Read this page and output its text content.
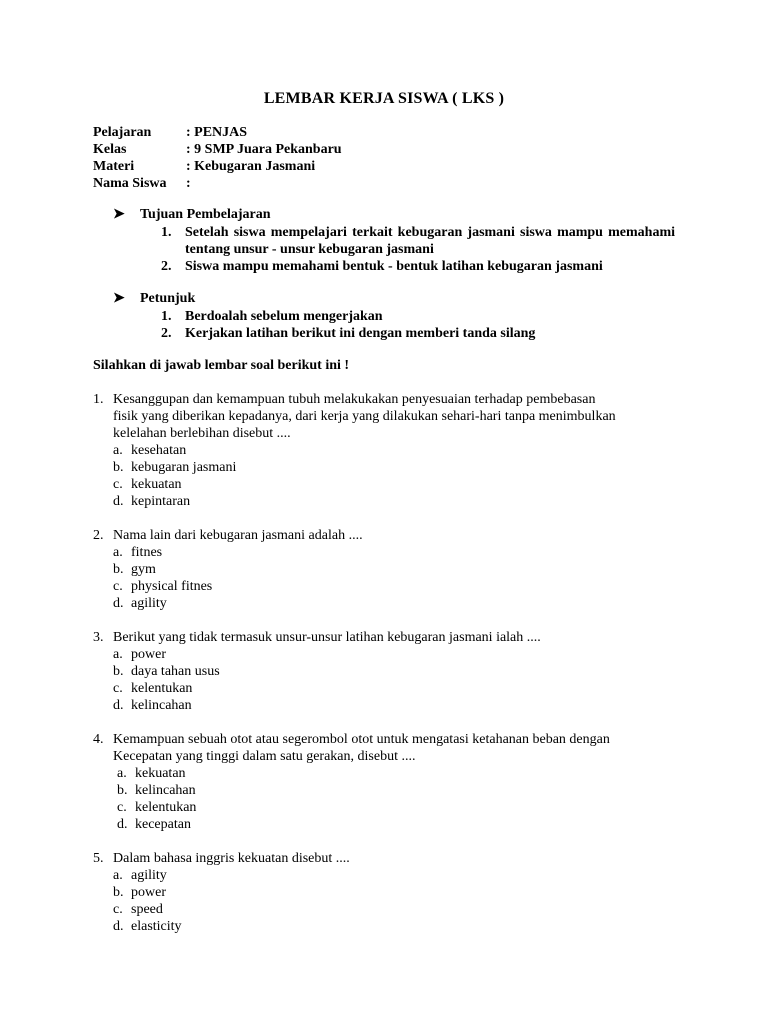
LEMBAR KERJA SISWA ( LKS )
Pelajaran : PENJAS
Kelas	: 9 SMP Juara Pekanbaru
Materi	: Kebugaran Jasmani
Nama Siswa :
➤ Tujuan Pembelajaran
1. Setelah siswa mempelajari terkait kebugaran jasmani siswa mampu memahami tentang unsur - unsur kebugaran jasmani
2. Siswa mampu memahami bentuk - bentuk latihan kebugaran jasmani
➤ Petunjuk
1. Berdoalah sebelum mengerjakan
2. Kerjakan latihan berikut ini dengan memberi tanda silang
Silahkan di jawab lembar soal berikut ini !
1. Kesanggupan dan kemampuan tubuh melakukakan penyesuaian terhadap pembebasan
fisik yang diberikan kepadanya, dari kerja yang dilakukan sehari-hari tanpa menimbulkan
kelelahan berlebihan disebut ....
a. kesehatan
b. kebugaran jasmani
c. kekuatan
d. kepintaran
2. Nama lain dari kebugaran jasmani adalah ....
a. fitnes
b. gym
c. physical fitnes
d. agility
3. Berikut yang tidak termasuk unsur-unsur latihan kebugaran jasmani ialah ....
a. power
b. daya tahan usus
c. kelentukan
d. kelincahan
4. Kemampuan sebuah otot atau segerombol otot untuk mengatasi ketahanan beban dengan
Kecepatan yang tinggi dalam satu gerakan, disebut ....
a. kekuatan
b. kelincahan
c. kelentukan
d. kecepatan
5. Dalam bahasa inggris kekuatan disebut ....
a. agility
b. power
c. speed
d. elasticity
